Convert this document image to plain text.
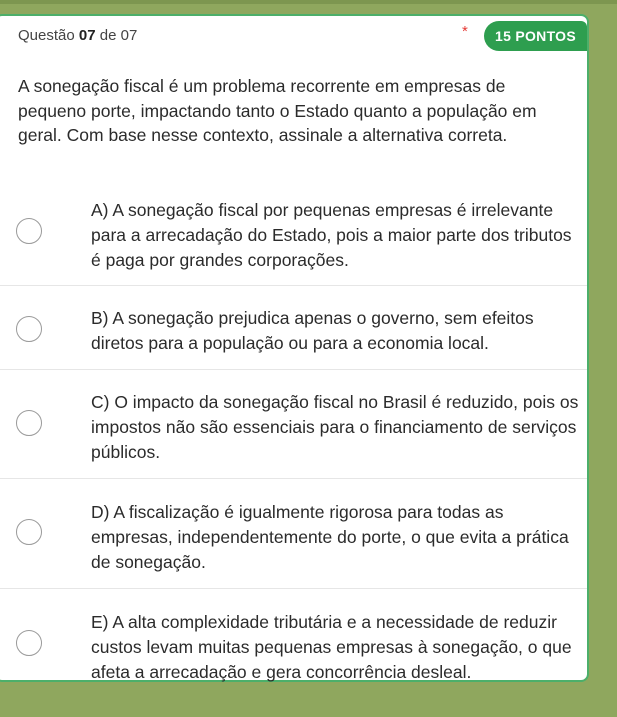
Questão 07 de 07	*	15 PONTOS
A sonegação fiscal é um problema recorrente em empresas de pequeno porte, impactando tanto o Estado quanto a população em geral. Com base nesse contexto, assinale a alternativa correta.
A) A sonegação fiscal por pequenas empresas é irrelevante para a arrecadação do Estado, pois a maior parte dos tributos é paga por grandes corporações.
B) A sonegação prejudica apenas o governo, sem efeitos diretos para a população ou para a economia local.
C) O impacto da sonegação fiscal no Brasil é reduzido, pois os impostos não são essenciais para o financiamento de serviços públicos.
D) A fiscalização é igualmente rigorosa para todas as empresas, independentemente do porte, o que evita a prática de sonegação.
E) A alta complexidade tributária e a necessidade de reduzir custos levam muitas pequenas empresas à sonegação, o que afeta a arrecadação e gera concorrência desleal.
